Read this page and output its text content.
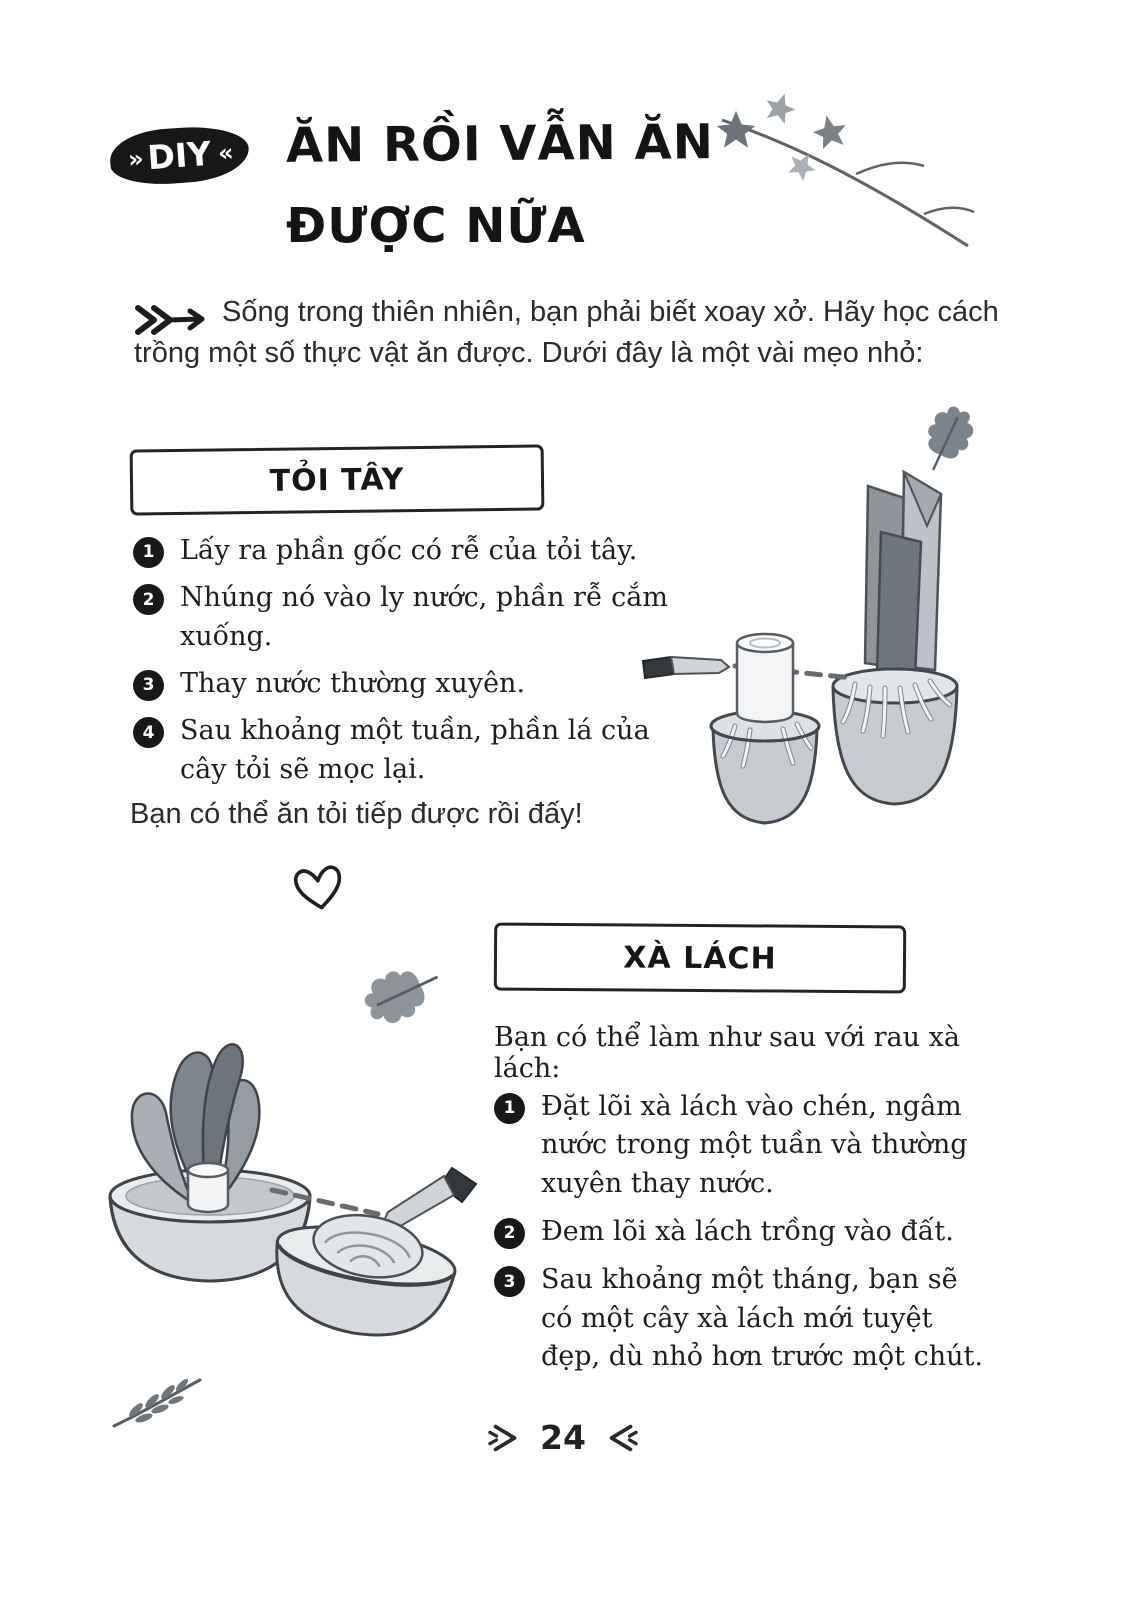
» DIY « ĂN RỒI VẪN ĂN
ĐƯỢC NỮA
Sống trong thiên nhiên, bạn phải biết xoay xở. Hãy học cách trồng một số thực vật ăn được. Dưới đây là một vài mẹo nhỏ:
TỎI TÂY
1 Lấy ra phần gốc có rễ của tỏi tây.
2 Nhúng nó vào ly nước, phần rễ cắm xuống.
3 Thay nước thường xuyên.
4 Sau khoảng một tuần, phần lá của cây tỏi sẽ mọc lại.
Bạn có thể ăn tỏi tiếp được rồi đấy!
XÀ LÁCH
Bạn có thể làm như sau với rau xà lách:
1 Đặt lõi xà lách vào chén, ngâm nước trong một tuần và thường xuyên thay nước.
2 Đem lõi xà lách trồng vào đất.
3 Sau khoảng một tháng, bạn sẽ có một cây xà lách mới tuyệt đẹp, dù nhỏ hơn trước một chút.
24
